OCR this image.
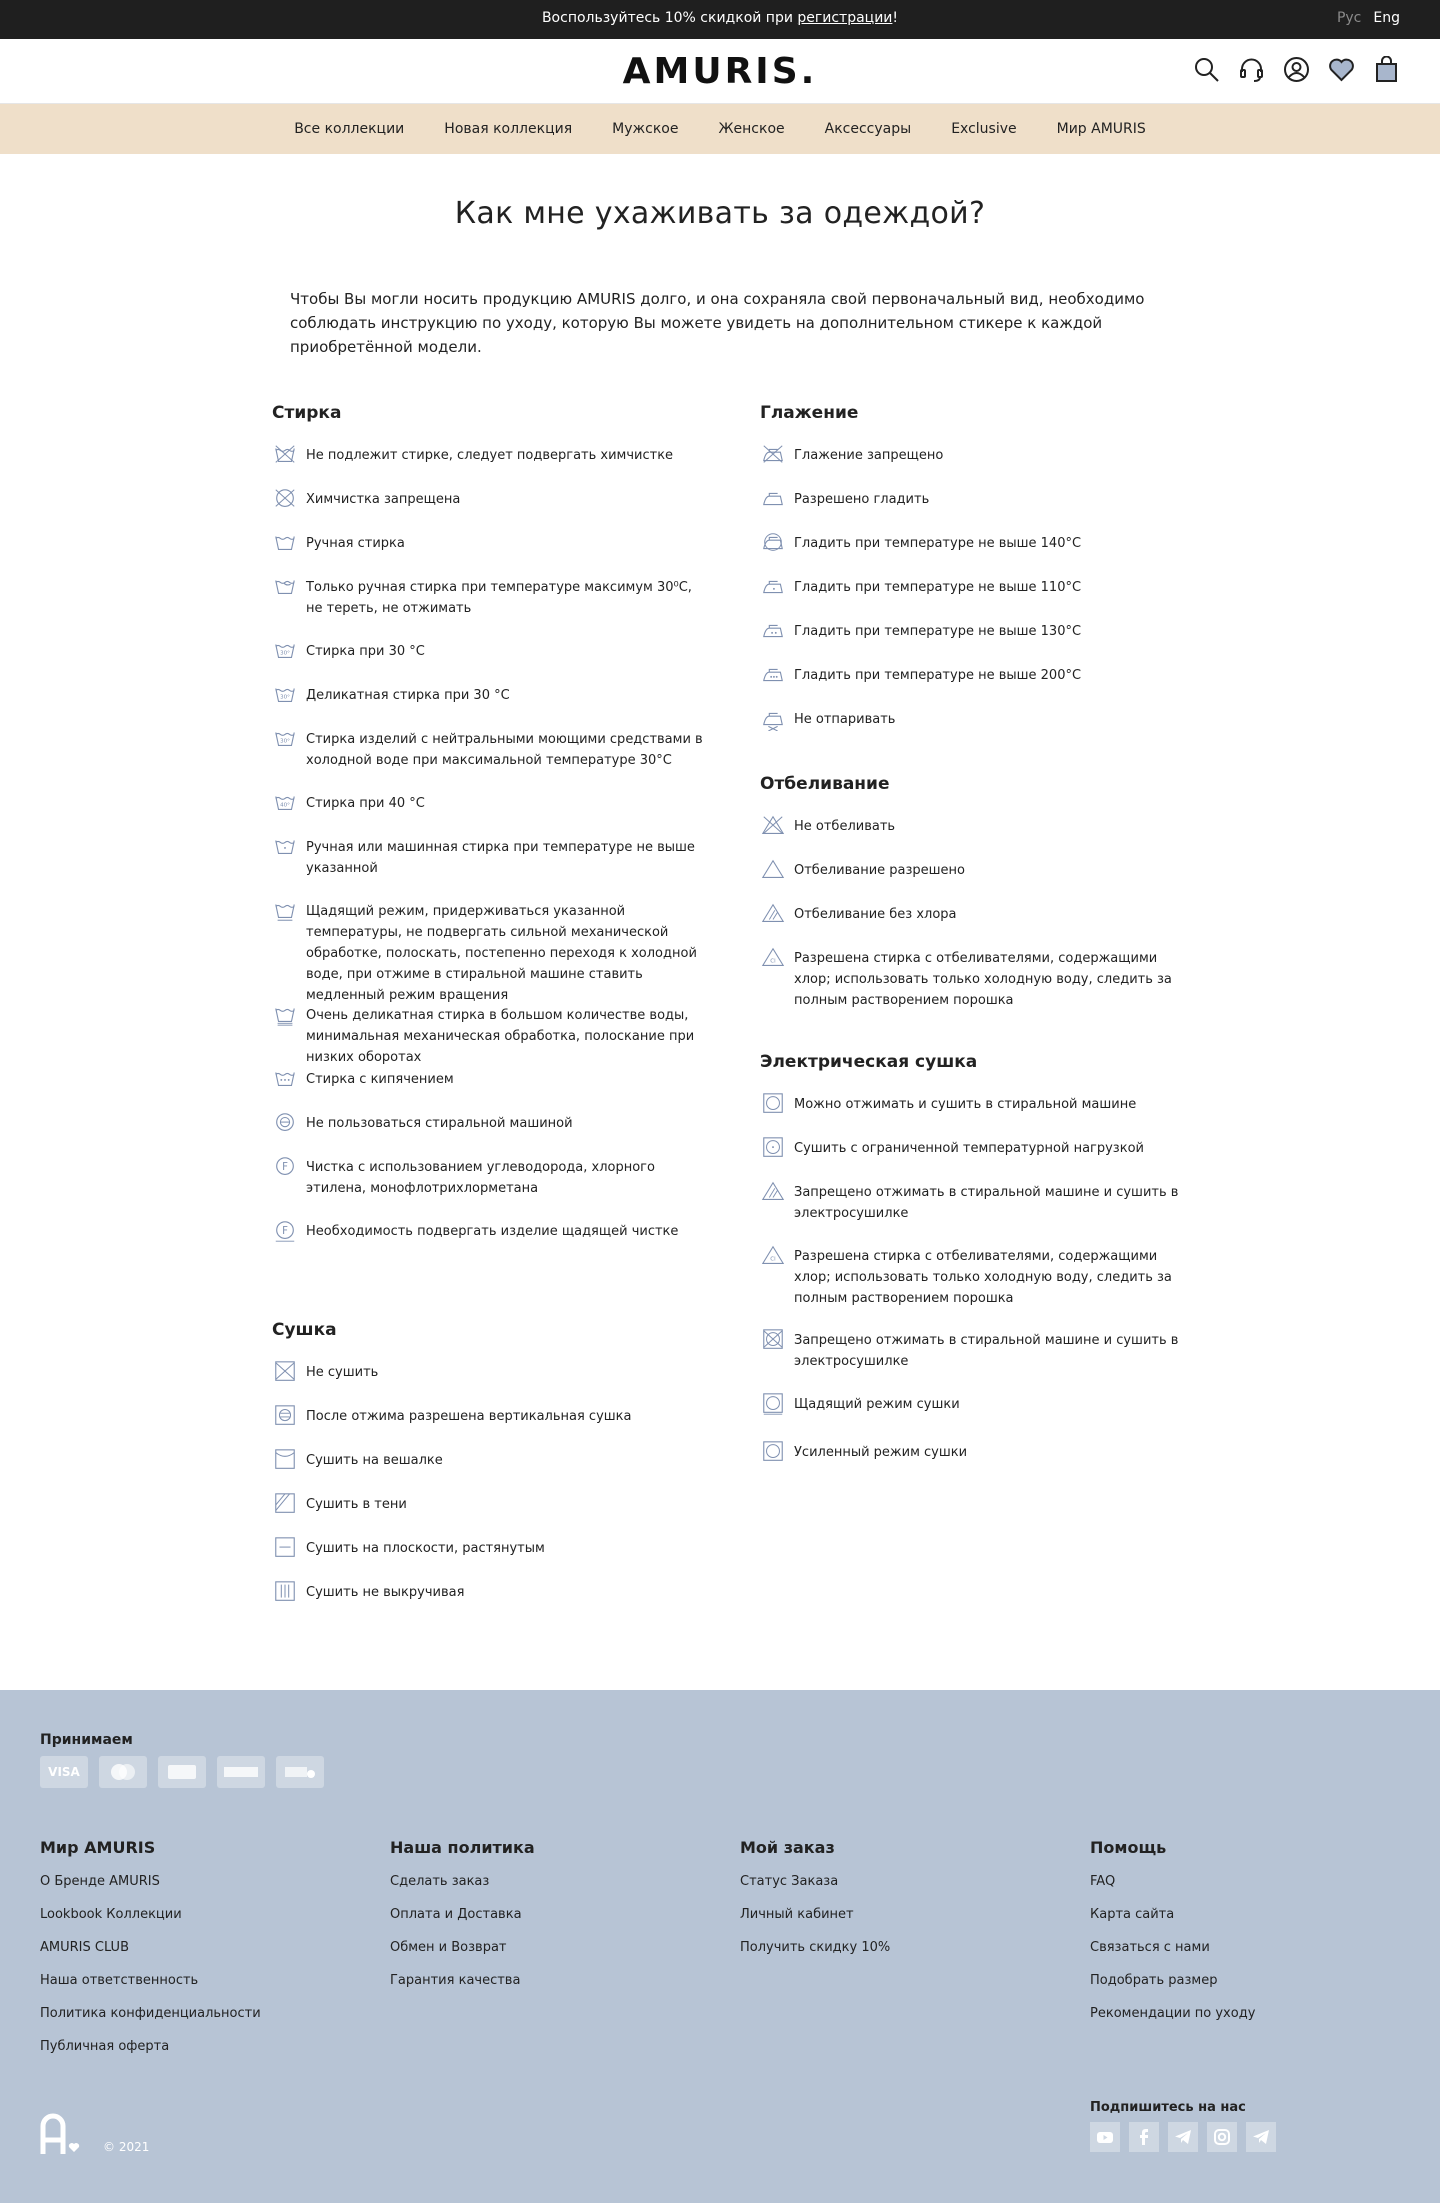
Воспользуйтесь 10% скидкой при регистрации!	Рус Eng
AMURIS.
Все коллекции	Новая коллекция	Мужское	Женское	Аксессуары	Exclusive	Мир AMURIS
Как мне ухаживать за одеждой?

Чтобы Вы могли носить продукцию AMURIS долго, и она сохраняла свой первоначальный вид, необходимо соблюдать инструкцию по уходу, которую Вы можете увидеть на дополнительном стикере к каждой приобретённой модели.

Стирка
Не подлежит стирке, следует подвергать химчистке
Химчистка запрещена
Ручная стирка
Только ручная стирка при температуре максимум 30⁰С, не тереть, не отжимать
30° Стирка при 30 °C
30° Деликатная стирка при 30 °C
30° Стирка изделий с нейтральными моющими средствами в холодной воде при максимальной температуре 30°C
40° Стирка при 40 °C
Ручная или машинная стирка при температуре не выше указанной
Щадящий режим, придерживаться указанной температуры, не подвергать сильной механической обработке, полоскать, постепенно переходя к холодной воде, при отжиме в стиральной машине ставить медленный режим вращения
Очень деликатная стирка в большом количестве воды, минимальная механическая обработка, полоскание при низких оборотах
Стирка с кипячением
Не пользоваться стиральной машиной
F Чистка с использованием углеводорода, хлорного этилена, монофлотрихлорметана
F Необходимость подвергать изделие щадящей чистке
Сушка
Не сушить
После отжима разрешена вертикальная сушка
Сушить на вешалке
Сушить в тени
Сушить на плоскости, растянутым
Сушить не выкручивая
Глажение
Глажение запрещено
Разрешено гладить
Гладить при температуре не выше 140°C
Гладить при температуре не выше 110°C
Гладить при температуре не выше 130°C
Гладить при температуре не выше 200°C
Не отпаривать
Отбеливание
Не отбеливать
Отбеливание разрешено
Отбеливание без хлора
Cl Разрешена стирка с отбеливателями, содержащими хлор; использовать только холодную воду, следить за полным растворением порошка
Электрическая сушка
Можно отжимать и сушить в стиральной машине
Сушить с ограниченной температурной нагрузкой
Запрещено отжимать в стиральной машине и сушить в электросушилке
Cl Разрешена стирка с отбеливателями, содержащими хлор; использовать только холодную воду, следить за полным растворением порошка
Запрещено отжимать в стиральной машине и сушить в электросушилке
Щадящий режим сушки
Усиленный режим сушки
Принимаем
VISA
Мир AMURIS
О Бренде AMURIS
Lookbook Коллекции
AMURIS CLUB
Наша ответственность
Политика конфиденциальности
Публичная оферта
Наша политика
Сделать заказ
Оплата и Доставка
Обмен и Возврат
Гарантия качества
Мой заказ
Статус Заказа
Личный кабинет
Получить скидку 10%
Помощь
FAQ
Карта сайта
Связаться с нами
Подобрать размер
Рекомендации по уходу
© 2021
Подпишитесь на нас
